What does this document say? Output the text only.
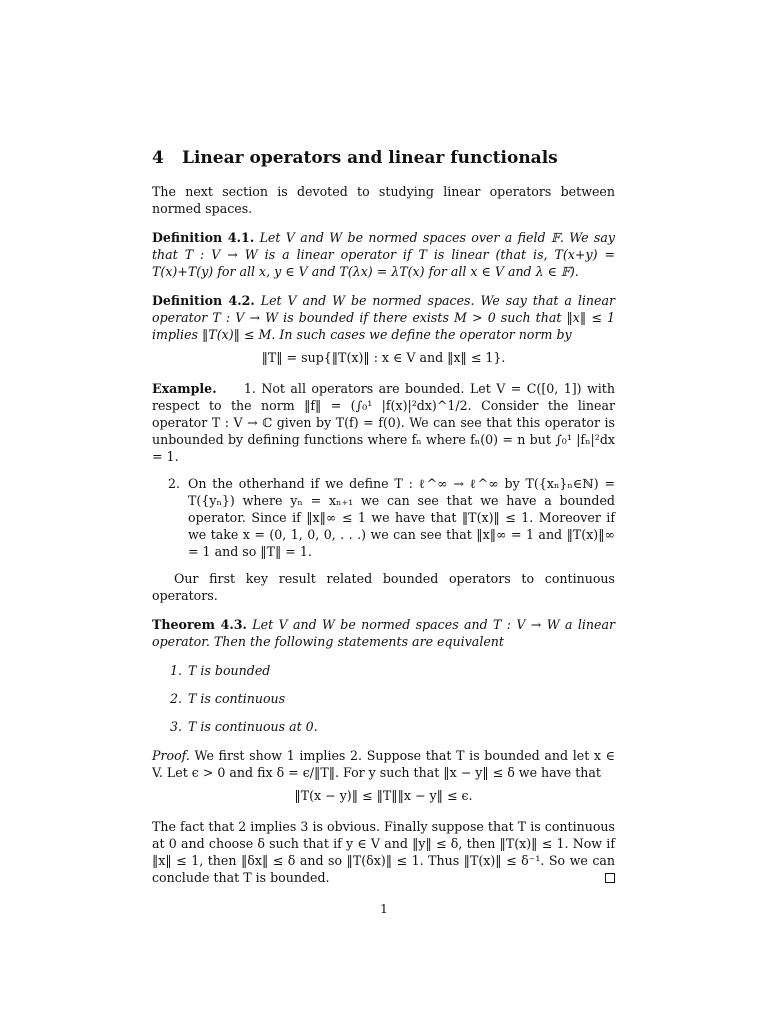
4 Linear operators and linear functionals

The next section is devoted to studying linear operators between normed spaces.

Definition 4.1. Let V and W be normed spaces over a field 𝔽. We say that T : V → W is a linear operator if T is linear (that is, T(x+y) = T(x)+T(y) for all x, y ∈ V and T(λx) = λT(x) for all x ∈ V and λ ∈ 𝔽).

Definition 4.2. Let V and W be normed spaces. We say that a linear operator T : V → W is bounded if there exists M > 0 such that ‖x‖ ≤ 1 implies ‖T(x)‖ ≤ M. In such cases we define the operator norm by

‖T‖ = sup{‖T(x)‖ : x ∈ V and ‖x‖ ≤ 1}.
Example. 1. Not all operators are bounded. Let V = C([0, 1]) with respect to the norm ‖f‖ = (∫₀¹ |f(x)|²dx)^1/2. Consider the linear operator T : V → ℂ given by T(f) = f(0). We can see that this operator is unbounded by defining functions where fₙ where fₙ(0) = n but ∫₀¹ |fₙ|²dx = 1.
2. On the otherhand if we define T : ℓ^∞ → ℓ^∞ by T({xₙ}ₙ∈ℕ) = T({yₙ}) where yₙ = xₙ₊₁ we can see that we have a bounded operator. Since if ‖x‖∞ ≤ 1 we have that ‖T(x)‖ ≤ 1. Moreover if we take x = (0, 1, 0, 0, . . .) we can see that ‖x‖∞ = 1 and ‖T(x)‖∞ = 1 and so ‖T‖ = 1.

Our first key result related bounded operators to continuous operators.

Theorem 4.3. Let V and W be normed spaces and T : V → W a linear operator. Then the following statements are equivalent

1. T is bounded
2. T is continuous
3. T is continuous at 0.

Proof. We first show 1 implies 2. Suppose that T is bounded and let x ∈ V. Let ϵ > 0 and fix δ = ϵ/‖T‖. For y such that ‖x − y‖ ≤ δ we have that

‖T(x − y)‖ ≤ ‖T‖‖x − y‖ ≤ ϵ.

The fact that 2 implies 3 is obvious. Finally suppose that T is continuous at 0 and choose δ such that if y ∈ V and ‖y‖ ≤ δ, then ‖T(x)‖ ≤ 1. Now if ‖x‖ ≤ 1, then ‖δx‖ ≤ δ and so ‖T(δx)‖ ≤ 1. Thus ‖T(x)‖ ≤ δ⁻¹. So we can conclude that T is bounded.

1
